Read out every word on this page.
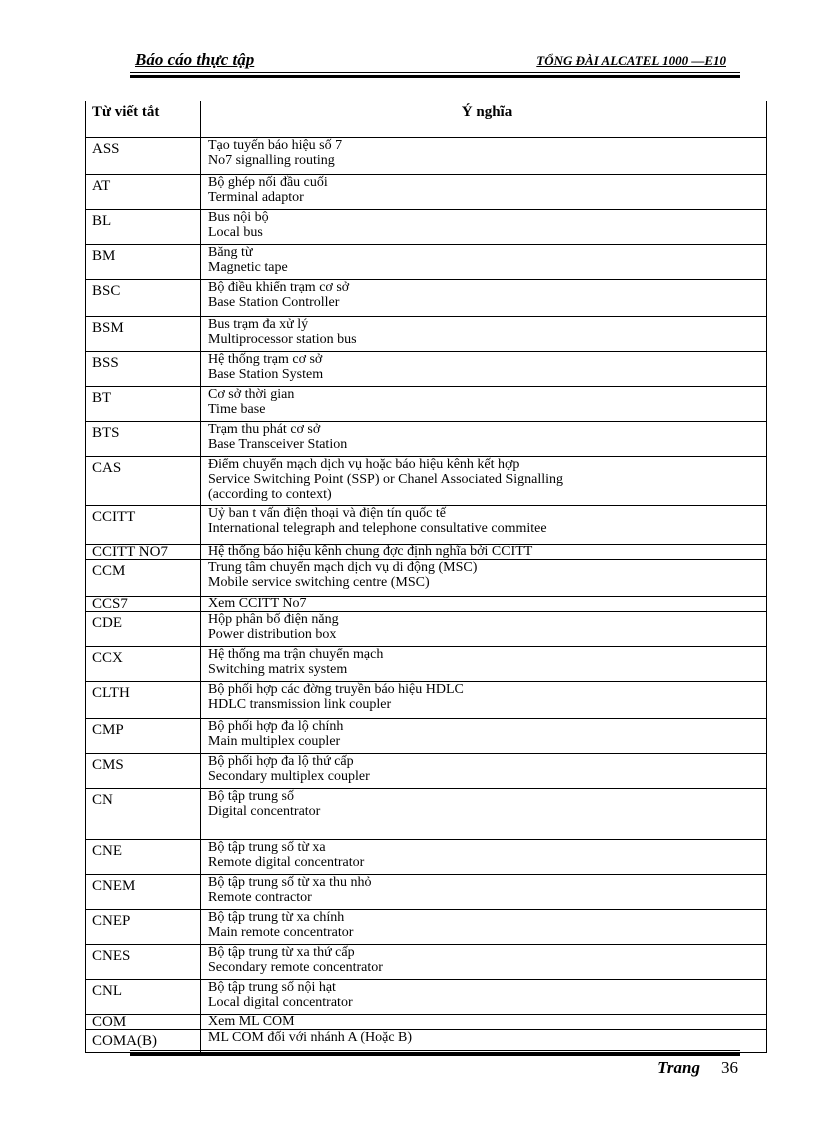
Báo cáo thực tập	TỔNG ĐÀI ALCATEL 1000 —E10
Từ viết tắt	Ý nghĩa
ASS	Tạo tuyến báo hiệu số 7
No7 signalling routing
AT	Bộ ghép nối đầu cuối
Terminal adaptor
BL	Bus nội bộ
Local bus
BM	Băng từ
Magnetic tape
BSC	Bộ điều khiển trạm cơ sở
Base Station Controller
BSM	Bus trạm đa xử lý
Multiprocessor station bus
BSS	Hệ thống trạm cơ sở
Base Station System
BT	Cơ sở thời gian
Time base
BTS	Trạm thu phát cơ sở
Base Transceiver Station
CAS	Điểm chuyển mạch dịch vụ hoặc báo hiệu kênh kết hợp
Service Switching Point (SSP) or Chanel Associated Signalling
(according to context)
CCITT	Uỷ ban t vấn điện thoại và điện tín quốc tế
International telegraph and telephone consultative commitee
CCITT NO7	Hệ thống báo hiệu kênh chung đợc định nghĩa bởi CCITT
CCM	Trung tâm chuyển mạch dịch vụ di động (MSC)
Mobile service switching centre (MSC)
CCS7	Xem CCITT No7
CDE	Hộp phân bố điện năng
Power distribution box
CCX	Hệ thống ma trận chuyển mạch
Switching matrix system
CLTH	Bộ phối hợp các đờng truyền báo hiệu HDLC
HDLC transmission link coupler
CMP	Bộ phối hợp đa lộ chính
Main multiplex coupler
CMS	Bộ phối hợp đa lộ thứ cấp
Secondary multiplex coupler
CN	Bộ tập trung số
Digital concentrator
CNE	Bộ tập trung số từ xa
Remote digital concentrator
CNEM	Bộ tập trung số từ xa thu nhỏ
Remote contractor
CNEP	Bộ tập trung từ xa chính
Main remote concentrator
CNES	Bộ tập trung từ xa thứ cấp
Secondary remote concentrator
CNL	Bộ tập trung số nội hạt
Local digital concentrator
COM	Xem ML COM
COMA(B)	ML COM đối với nhánh A (Hoặc B)
Trang 36
